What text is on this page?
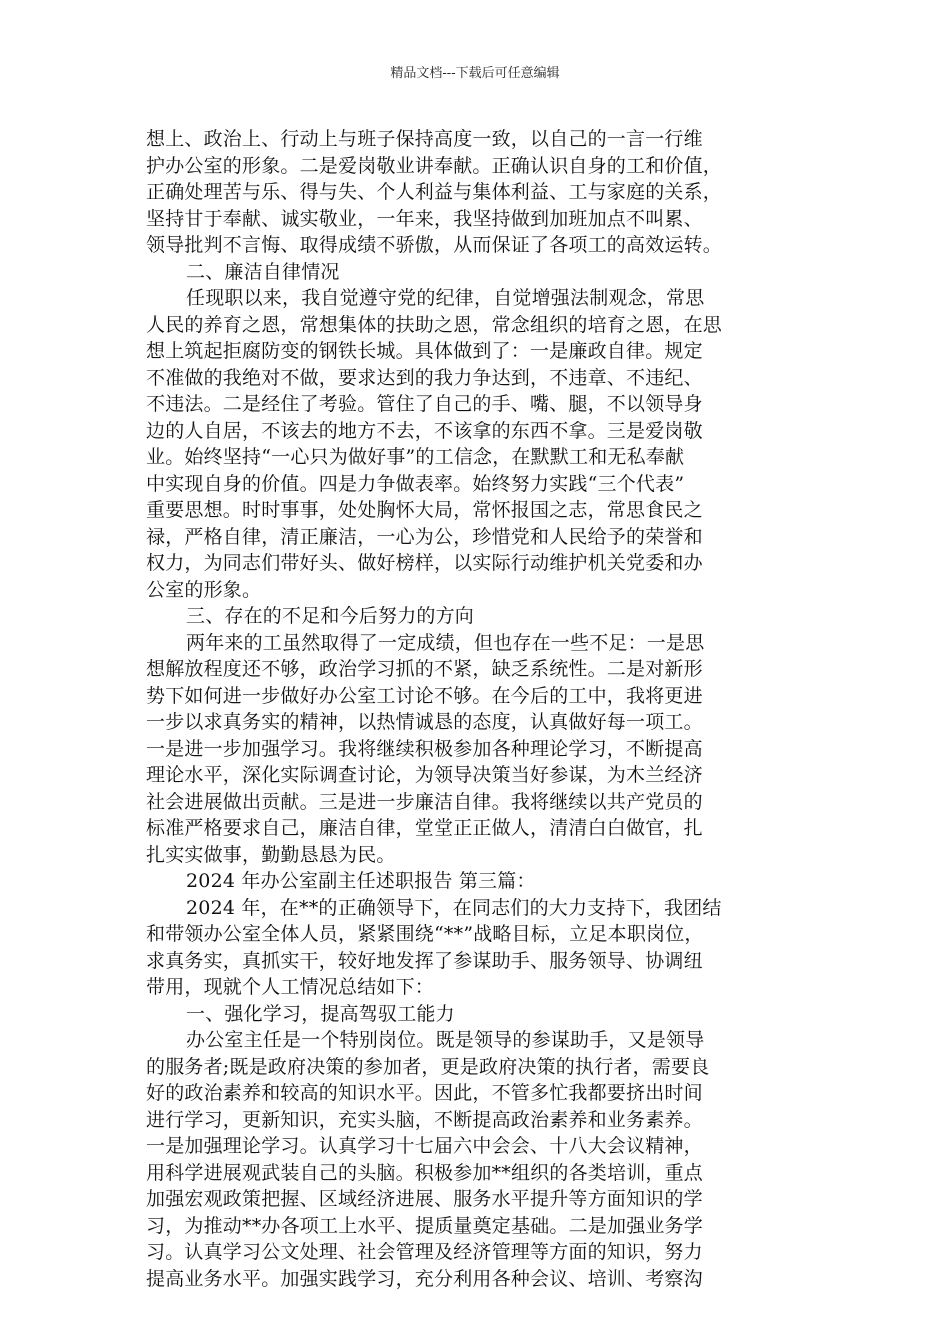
精品文档---下载后可任意编辑
想上、政治上、行动上与班子保持高度一致，以自己的一言一行维
护办公室的形象。二是爱岗敬业讲奉献。正确认识自身的工和价值，
正确处理苦与乐、得与失、个人利益与集体利益、工与家庭的关系，
坚持甘于奉献、诚实敬业，一年来，我坚持做到加班加点不叫累、
领导批判不言悔、取得成绩不骄傲，从而保证了各项工的高效运转。
二、廉洁自律情况
任现职以来，我自觉遵守党的纪律，自觉增强法制观念，常思
人民的养育之恩，常想集体的扶助之恩，常念组织的培育之恩，在思
想上筑起拒腐防变的钢铁长城。具体做到了：一是廉政自律。规定
不准做的我绝对不做，要求达到的我力争达到，不违章、不违纪、
不违法。二是经住了考验。管住了自己的手、嘴、腿，不以领导身
边的人自居，不该去的地方不去，不该拿的东西不拿。三是爱岗敬
业。始终坚持“一心只为做好事”的工信念，在默默工和无私奉献
中实现自身的价值。四是力争做表率。始终努力实践“三个代表”
重要思想。时时事事，处处胸怀大局，常怀报国之志，常思食民之
禄，严格自律，清正廉洁，一心为公，珍惜党和人民给予的荣誉和
权力，为同志们带好头、做好榜样，以实际行动维护机关党委和办
公室的形象。
三、存在的不足和今后努力的方向
两年来的工虽然取得了一定成绩，但也存在一些不足：一是思
想解放程度还不够，政治学习抓的不紧，缺乏系统性。二是对新形
势下如何进一步做好办公室工讨论不够。在今后的工中，我将更进
一步以求真务实的精神，以热情诚恳的态度，认真做好每一项工。
一是进一步加强学习。我将继续积极参加各种理论学习，不断提高
理论水平，深化实际调查讨论，为领导决策当好参谋，为木兰经济
社会进展做出贡献。三是进一步廉洁自律。我将继续以共产党员的
标准严格要求自己，廉洁自律，堂堂正正做人，清清白白做官，扎
扎实实做事，勤勤恳恳为民。
2024 年办公室副主任述职报告 第三篇：
2024 年，在**的正确领导下，在同志们的大力支持下，我团结
和带领办公室全体人员，紧紧围绕“**”战略目标，立足本职岗位，
求真务实，真抓实干，较好地发挥了参谋助手、服务领导、协调纽
带用，现就个人工情况总结如下：
一、强化学习，提高驾驭工能力
办公室主任是一个特别岗位。既是领导的参谋助手，又是领导
的服务者;既是政府决策的参加者，更是政府决策的执行者，需要良
好的政治素养和较高的知识水平。因此，不管多忙我都要挤出时间
进行学习，更新知识，充实头脑，不断提高政治素养和业务素养。
一是加强理论学习。认真学习十七届六中会会、十八大会议精神，
用科学进展观武装自己的头脑。积极参加**组织的各类培训，重点
加强宏观政策把握、区域经济进展、服务水平提升等方面知识的学
习，为推动**办各项工上水平、提质量奠定基础。二是加强业务学
习。认真学习公文处理、社会管理及经济管理等方面的知识，努力
提高业务水平。加强实践学习，充分利用各种会议、培训、考察沟
